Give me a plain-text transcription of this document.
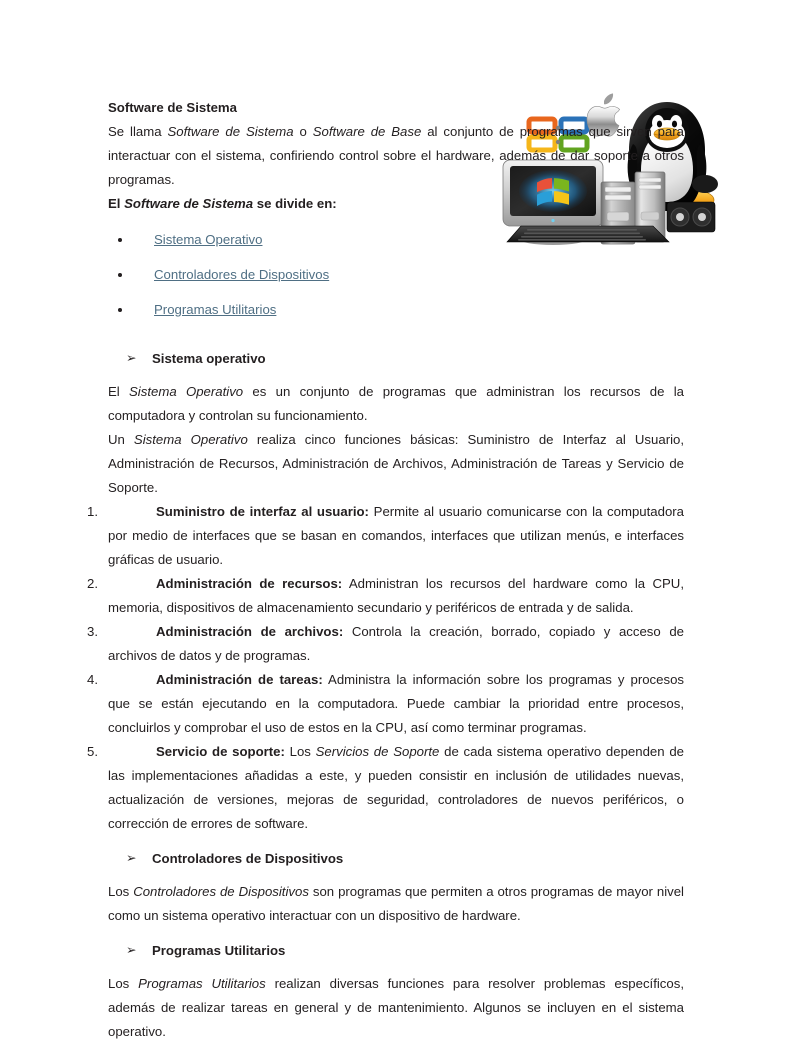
Software de Sistema

Se llama Software de Sistema o Software de Base al conjunto de programas que sirven para interactuar con el sistema, confiriendo control sobre el hardware, además de dar soporte a otros programas.

El Software de Sistema se divide en:

Sistema Operativo
Controladores de Dispositivos
Programas Utilitarios
➢ Sistema operativo

El Sistema Operativo es un conjunto de programas que administran los recursos de la computadora y controlan su funcionamiento.

Un Sistema Operativo realiza cinco funciones básicas: Suministro de Interfaz al Usuario, Administración de Recursos, Administración de Archivos, Administración de Tareas y Servicio de Soporte.

1.	Suministro de interfaz al usuario: Permite al usuario comunicarse con la computadora por medio de interfaces que se basan en comandos, interfaces que utilizan menús, e interfaces gráficas de usuario.
2.	Administración de recursos: Administran los recursos del hardware como la CPU, memoria, dispositivos de almacenamiento secundario y periféricos de entrada y de salida.
3.	Administración de archivos: Controla la creación, borrado, copiado y acceso de archivos de datos y de programas.
4.	Administración de tareas: Administra la información sobre los programas y procesos que se están ejecutando en la computadora. Puede cambiar la prioridad entre procesos, concluirlos y comprobar el uso de estos en la CPU, así como terminar programas.
5.	Servicio de soporte: Los Servicios de Soporte de cada sistema operativo dependen de las implementaciones añadidas a este, y pueden consistir en inclusión de utilidades nuevas, actualización de versiones, mejoras de seguridad, controladores de nuevos periféricos, o corrección de errores de software.
➢ Controladores de Dispositivos

Los Controladores de Dispositivos son programas que permiten a otros programas de mayor nivel como un sistema operativo interactuar con un dispositivo de hardware.

➢ Programas Utilitarios

Los Programas Utilitarios realizan diversas funciones para resolver problemas específicos, además de realizar tareas en general y de mantenimiento. Algunos se incluyen en el sistema operativo.
